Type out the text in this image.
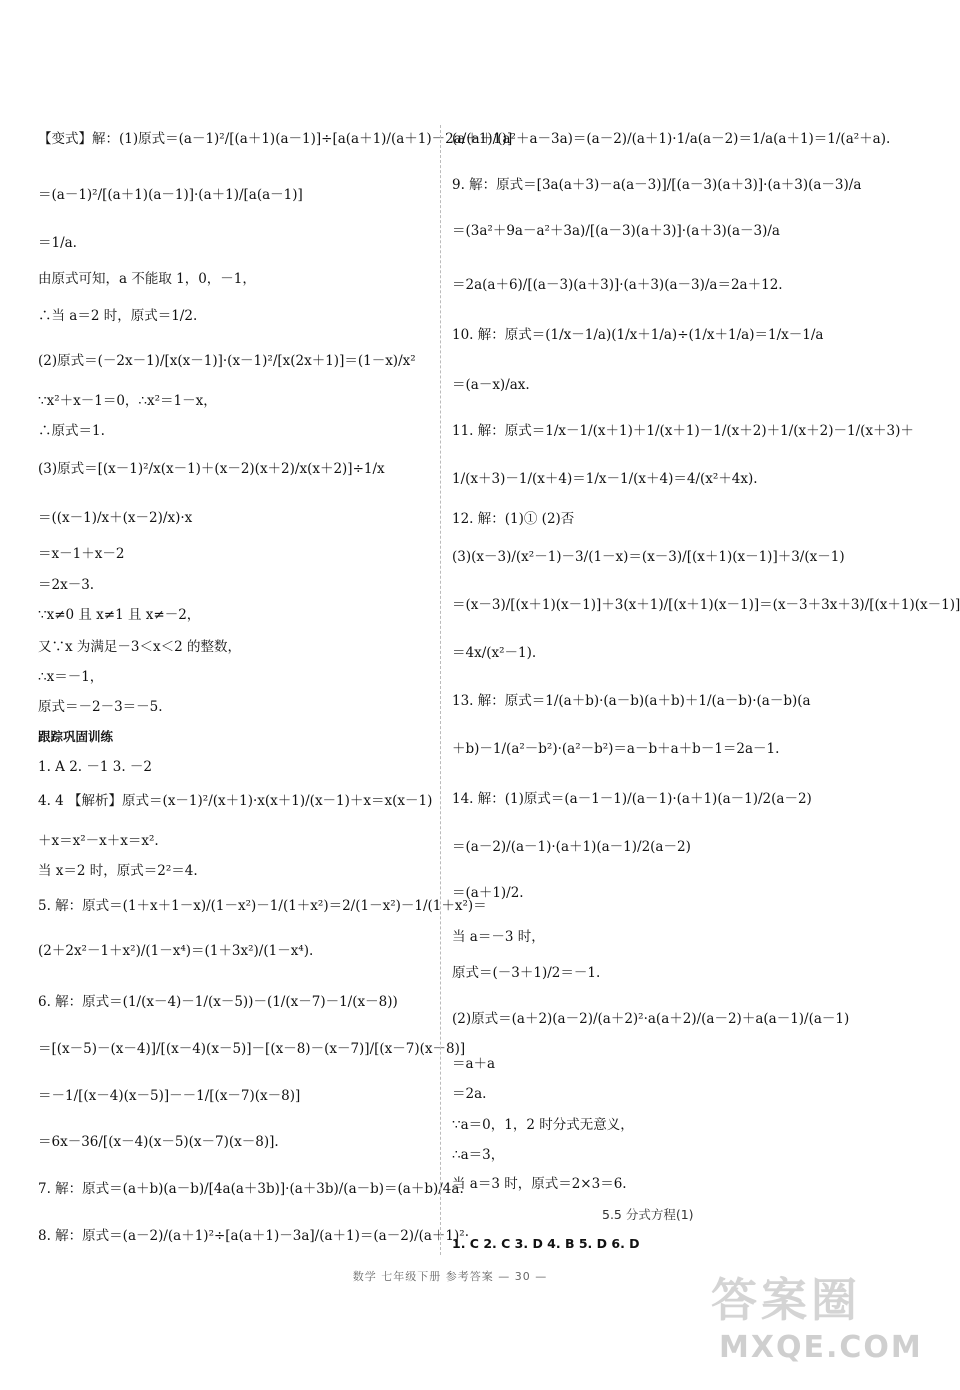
【变式】解：(1)原式＝(a－1)²/[(a＋1)(a－1)]÷[a(a＋1)/(a＋1)－2a/(a＋1)]
＝(a－1)²/[(a＋1)(a－1)]·(a＋1)/[a(a－1)]
＝1/a.
由原式可知，a 不能取 1，0，－1，
∴当 a＝2 时，原式＝1/2.
(2)原式＝(－2x－1)/[x(x－1)]·(x－1)²/[x(2x＋1)]＝(1－x)/x²
∵x²＋x－1＝0，∴x²＝1－x，
∴原式＝1.
(3)原式＝[(x－1)²/x(x－1)＋(x－2)(x＋2)/x(x＋2)]÷1/x
＝((x－1)/x＋(x－2)/x)·x
＝x－1＋x－2
＝2x－3.
∵x≠0 且 x≠1 且 x≠－2，
又∵x 为满足－3＜x＜2 的整数，
∴x＝－1，
原式＝－2－3＝－5.
跟踪巩固训练
1. A 2. －1 3. －2
4. 4 【解析】原式＝(x－1)²/(x＋1)·x(x＋1)/(x－1)＋x＝x(x－1)
＋x＝x²－x＋x＝x².
当 x＝2 时，原式＝2²＝4.
5. 解：原式＝(1＋x＋1－x)/(1－x²)－1/(1＋x²)＝2/(1－x²)－1/(1＋x²)＝
(2＋2x²－1＋x²)/(1－x⁴)＝(1＋3x²)/(1－x⁴).
6. 解：原式＝(1/(x－4)－1/(x－5))－(1/(x－7)－1/(x－8))
＝[(x－5)－(x－4)]/[(x－4)(x－5)]－[(x－8)－(x－7)]/[(x－7)(x－8)]
＝－1/[(x－4)(x－5)]－－1/[(x－7)(x－8)]
＝6x－36/[(x－4)(x－5)(x－7)(x－8)].
7. 解：原式＝(a＋b)(a－b)/[4a(a＋3b)]·(a＋3b)/(a－b)＝(a＋b)/4a.
8. 解：原式＝(a－2)/(a＋1)²÷[a(a＋1)－3a]/(a＋1)＝(a－2)/(a＋1)²·
5.5 分式方程(1)
1. C 2. C 3. D 4. B 5. D 6. D
(a＋1)/(a²＋a－3a)＝(a－2)/(a＋1)·1/a(a－2)＝1/a(a＋1)＝1/(a²＋a).
9. 解：原式＝[3a(a＋3)－a(a－3)]/[(a－3)(a＋3)]·(a＋3)(a－3)/a
＝(3a²＋9a－a²＋3a)/[(a－3)(a＋3)]·(a＋3)(a－3)/a
＝2a(a＋6)/[(a－3)(a＋3)]·(a＋3)(a－3)/a＝2a＋12.
10. 解：原式＝(1/x－1/a)(1/x＋1/a)÷(1/x＋1/a)＝1/x－1/a
＝(a－x)/ax.
11. 解：原式＝1/x－1/(x＋1)＋1/(x＋1)－1/(x＋2)＋1/(x＋2)－1/(x＋3)＋
1/(x＋3)－1/(x＋4)＝1/x－1/(x＋4)＝4/(x²＋4x).
12. 解：(1)① (2)否
(3)(x－3)/(x²－1)－3/(1－x)＝(x－3)/[(x＋1)(x－1)]＋3/(x－1)
＝(x－3)/[(x＋1)(x－1)]＋3(x＋1)/[(x＋1)(x－1)]＝(x－3＋3x＋3)/[(x＋1)(x－1)]
＝4x/(x²－1).
13. 解：原式＝1/(a＋b)·(a－b)(a＋b)＋1/(a－b)·(a－b)(a
＋b)－1/(a²－b²)·(a²－b²)＝a－b＋a＋b－1＝2a－1.
14. 解：(1)原式＝(a－1－1)/(a－1)·(a＋1)(a－1)/2(a－2)
＝(a－2)/(a－1)·(a＋1)(a－1)/2(a－2)
＝(a＋1)/2.
当 a＝－3 时，
原式＝(－3＋1)/2＝－1.
(2)原式＝(a＋2)(a－2)/(a＋2)²·a(a＋2)/(a－2)＋a(a－1)/(a－1)
＝a＋a
＝2a.
∵a＝0，1，2 时分式无意义，
∴a＝3，
当 a＝3 时，原式＝2×3＝6.
数学 七年级下册 参考答案 — 30 —	答案圈
MXQE.COM
